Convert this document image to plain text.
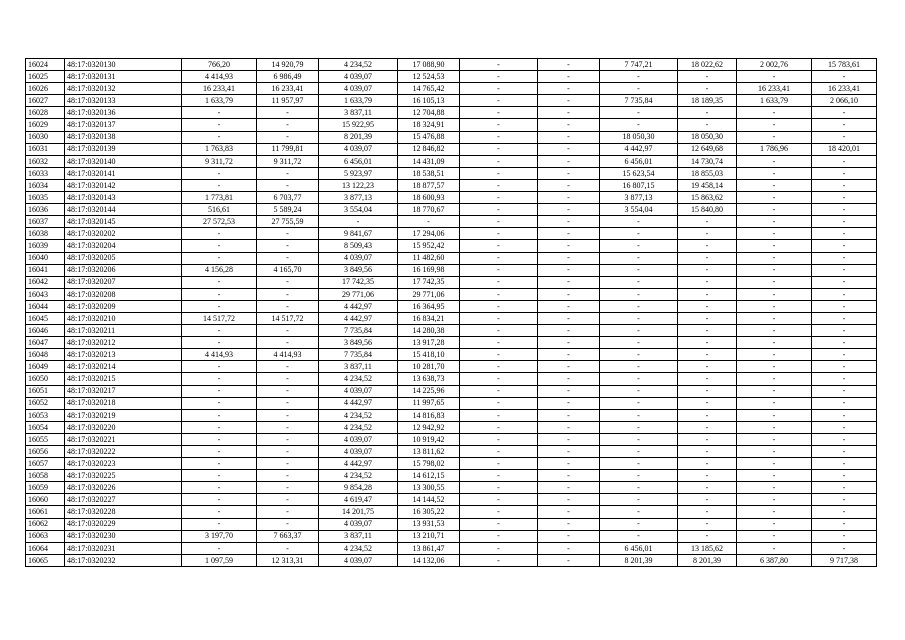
16024	48:17:0320130	766,20	14 920,79	4 234,52	17 088,90	-	-	7 747,21	18 022,62	2 002,76	15 783,61
16025	48:17:0320131	4 414,93	6 986,49	4 039,07	12 524,53	-	-	-	-	-	-
16026	48:17:0320132	16 233,41	16 233,41	4 039,07	14 765,42	-	-	-	-	16 233,41	16 233,41
16027	48:17:0320133	1 633,79	11 957,97	1 633,79	16 105,13	-	-	7 735,84	18 189,35	1 633,79	2 066,10
16028	48:17:0320136	-	-	3 837,11	12 704,88	-	-	-	-	-	-
16029	48:17:0320137	-	-	15 922,95	18 324,91	-	-	-	-	-	-
16030	48:17:0320138	-	-	8 201,39	15 476,88	-	-	18 050,30	18 050,30	-	-
16031	48:17:0320139	1 763,83	11 799,81	4 039,07	12 846,82	-	-	4 442,97	12 649,68	1 786,96	18 420,01
16032	48:17:0320140	9 311,72	9 311,72	6 456,01	14 431,09	-	-	6 456,01	14 730,74	-	-
16033	48:17:0320141	-	-	5 923,97	18 538,51	-	-	15 623,54	18 855,03	-	-
16034	48:17:0320142	-	-	13 122,23	18 877,57	-	-	16 807,15	19 458,14	-	-
16035	48:17:0320143	1 773,81	6 703,77	3 877,13	18 600,93	-	-	3 877,13	15 863,62	-	-
16036	48:17:0320144	516,61	5 589,24	3 554,04	18 770,67	-	-	3 554,04	15 840,80	-	-
16037	48:17:0320145	27 572,53	27 755,59	-	-	-	-	-	-	-	-
16038	48:17:0320202	-	-	9 841,67	17 294,06	-	-	-	-	-	-
16039	48:17:0320204	-	-	8 509,43	15 952,42	-	-	-	-	-	-
16040	48:17:0320205	-	-	4 039,07	11 482,60	-	-	-	-	-	-
16041	48:17:0320206	4 156,28	4 165,70	3 849,56	16 169,98	-	-	-	-	-	-
16042	48:17:0320207	-	-	17 742,35	17 742,35	-	-	-	-	-	-
16043	48:17:0320208	-	-	29 771,06	29 771,06	-	-	-	-	-	-
16044	48:17:0320209	-	-	4 442,97	16 364,95	-	-	-	-	-	-
16045	48:17:0320210	14 517,72	14 517,72	4 442,97	16 834,21	-	-	-	-	-	-
16046	48:17:0320211	-	-	7 735,84	14 280,38	-	-	-	-	-	-
16047	48:17:0320212	-	-	3 849,56	13 917,28	-	-	-	-	-	-
16048	48:17:0320213	4 414,93	4 414,93	7 735,84	15 418,10	-	-	-	-	-	-
16049	48:17:0320214	-	-	3 837,11	10 281,70	-	-	-	-	-	-
16050	48:17:0320215	-	-	4 234,52	13 638,73	-	-	-	-	-	-
16051	48:17:0320217	-	-	4 039,07	14 225,96	-	-	-	-	-	-
16052	48:17:0320218	-	-	4 442,97	11 997,65	-	-	-	-	-	-
16053	48:17:0320219	-	-	4 234,52	14 816,83	-	-	-	-	-	-
16054	48:17:0320220	-	-	4 234,52	12 942,92	-	-	-	-	-	-
16055	48:17:0320221	-	-	4 039,07	10 919,42	-	-	-	-	-	-
16056	48:17:0320222	-	-	4 039,07	13 811,62	-	-	-	-	-	-
16057	48:17:0320223	-	-	4 442,97	15 798,02	-	-	-	-	-	-
16058	48:17:0320225	-	-	4 234,52	14 612,15	-	-	-	-	-	-
16059	48:17:0320226	-	-	9 854,28	13 300,55	-	-	-	-	-	-
16060	48:17:0320227	-	-	4 619,47	14 144,52	-	-	-	-	-	-
16061	48:17:0320228	-	-	14 201,75	16 305,22	-	-	-	-	-	-
16062	48:17:0320229	-	-	4 039,07	13 931,53	-	-	-	-	-	-
16063	48:17:0320230	3 197,70	7 663,37	3 837,11	13 210,71	-	-	-	-	-	-
16064	48:17:0320231	-	-	4 234,52	13 861,47	-	-	6 456,01	13 185,62	-	-
16065	48:17:0320232	1 097,59	12 313,31	4 039,07	14 132,06	-	-	8 201,39	8 201,39	6 387,80	9 717,38
